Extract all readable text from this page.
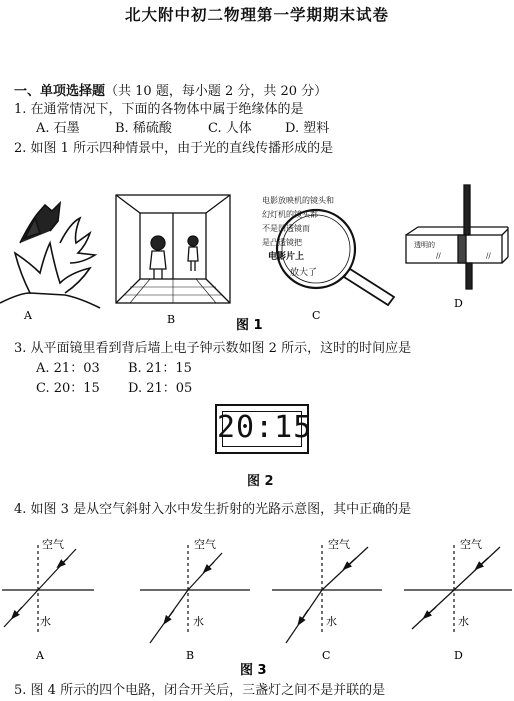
北大附中初二物理第一学期期末试卷
一、单项选择题（共 10 题，每小题 2 分，共 20 分）
1. 在通常情况下，下面的各物体中属于绝缘体的是
A. 石墨	B. 稀硫酸	C. 人体	D. 塑料
2. 如图 1 所示四种情景中，由于光的直线传播形成的是
A	B
电影放映机的镜头和
幻灯机的镜头都
不是凹透镜而
是凸透镜把
电影片上
放大了
C
透明的
//	//
D
图 1
3. 从平面镜里看到背后墙上电子钟示数如图 2 所示，这时的时间应是
A. 21：03 B. 21：15
C. 20：15 D. 21：05
20:15
图 2
4. 如图 3 是从空气斜射入水中发生折射的光路示意图，其中正确的是
空气
水
A
空气
水
B
空气
水
C
空气
水
D
图 3
5. 图 4 所示的四个电路，闭合开关后，三盏灯之间不是并联的是
